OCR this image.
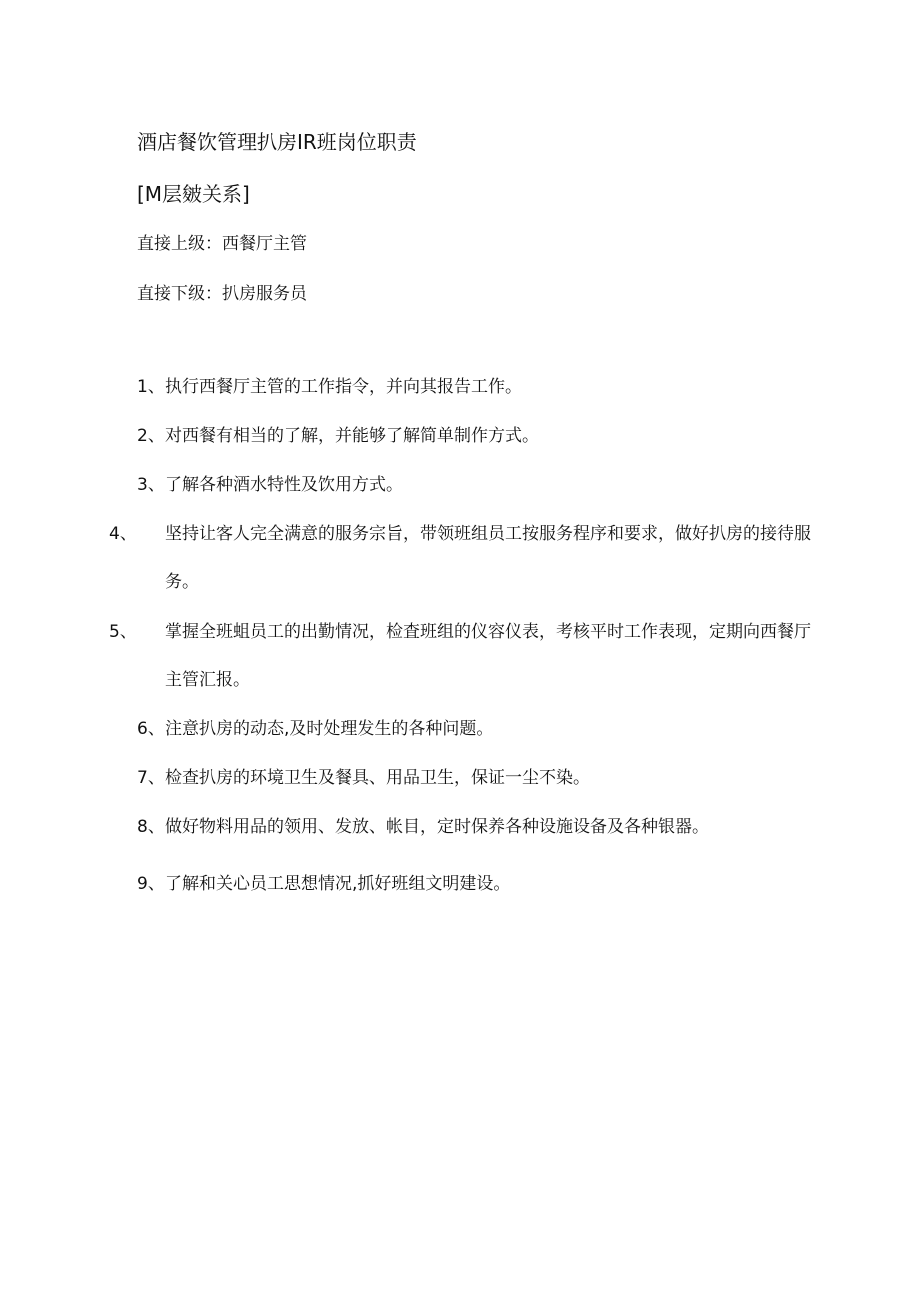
酒店餐饮管理扒房IR班岗位职责
[M层皴关系]
直接上级：西餐厅主管
直接下级：扒房服务员
1、执行西餐厅主管的工作指令，并向其报告工作。
2、对西餐有相当的了解，并能够了解简单制作方式。
3、了解各种酒水特性及饮用方式。
4、 坚持让客人完全满意的服务宗旨，带领班组员工按服务程序和要求，做好扒房的接待服务。
5、 掌握全班蛆员工的出勤情况，检査班组的仪容仪表，考核平时工作表现，定期向西餐厅主管汇报。
6、注意扒房的动态,及时处理发生的各种问题。
7、检查扒房的环境卫生及餐具、用品卫生，保证一尘不染。
8、做好物料用品的领用、发放、帐目，定时保养各种设施设备及各种银器。
9、了解和关心员工思想情况,抓好班组文明建设。
